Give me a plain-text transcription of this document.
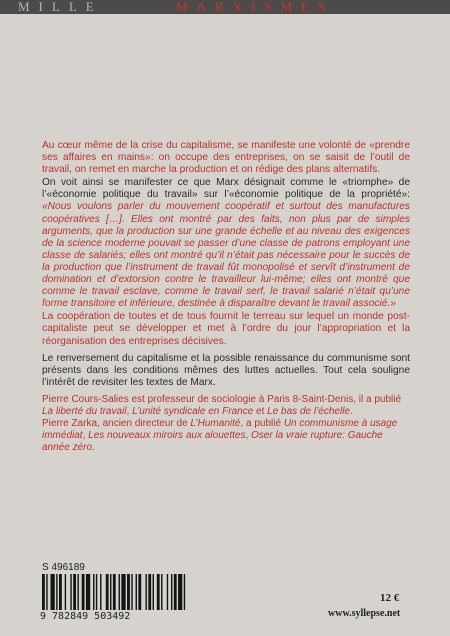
MILLE	MARXISMES

Au cœur même de la crise du capitalisme, se manifeste une volonté de «prendre ses affaires en mains»: on occupe des entreprises, on se saisit de l’outil de travail, on remet en marche la production et on rédige des plans alternatifs.

On voit ainsi se manifester ce que Marx désignait comme le «triomphe» de l’«économie politique du travail» sur l’«économie politique de la propriété»: «Nous voulons parler du mouvement coopératif et surtout des manufactures coopératives […]. Elles ont montré par des faits, non plus par de simples arguments, que la production sur une grande échelle et au niveau des exigences de la science moderne pouvait se passer d’une classe de patrons employant une classe de salariés; elles ont montré qu’il n’était pas nécessaire pour le succès de la production que l’instrument de travail fût monopolisé et servît d’instrument de domination et d’extorsion contre le travailleur lui-même; elles ont montré que comme le travail esclave, comme le travail serf, le travail salarié n’était qu’une forme transitoire et inférieure, destinée à disparaître devant le travail associé.»

La coopération de toutes et de tous fournit le terreau sur lequel un monde post-capitaliste peut se développer et met à l’ordre du jour l’appropriation et la réorganisation des entreprises décisives.

Le renversement du capitalisme et la possible renaissance du communisme sont présents dans les conditions mêmes des luttes actuelles. Tout cela souligne l’intérêt de revisiter les textes de Marx.

Pierre Cours-Salies est professeur de sociologie à Paris 8-Saint-Denis, il a publié La liberté du travail, L’unité syndicale en France et Le bas de l’échelle.

Pierre Zarka, ancien directeur de L’Humanité, a publié Un communisme à usage immédiat, Les nouveaux miroirs aux alouettes, Oser la vraie rupture: Gauche année zéro.

S 496189
9 782849 503492
12 €
www.syllepse.net
